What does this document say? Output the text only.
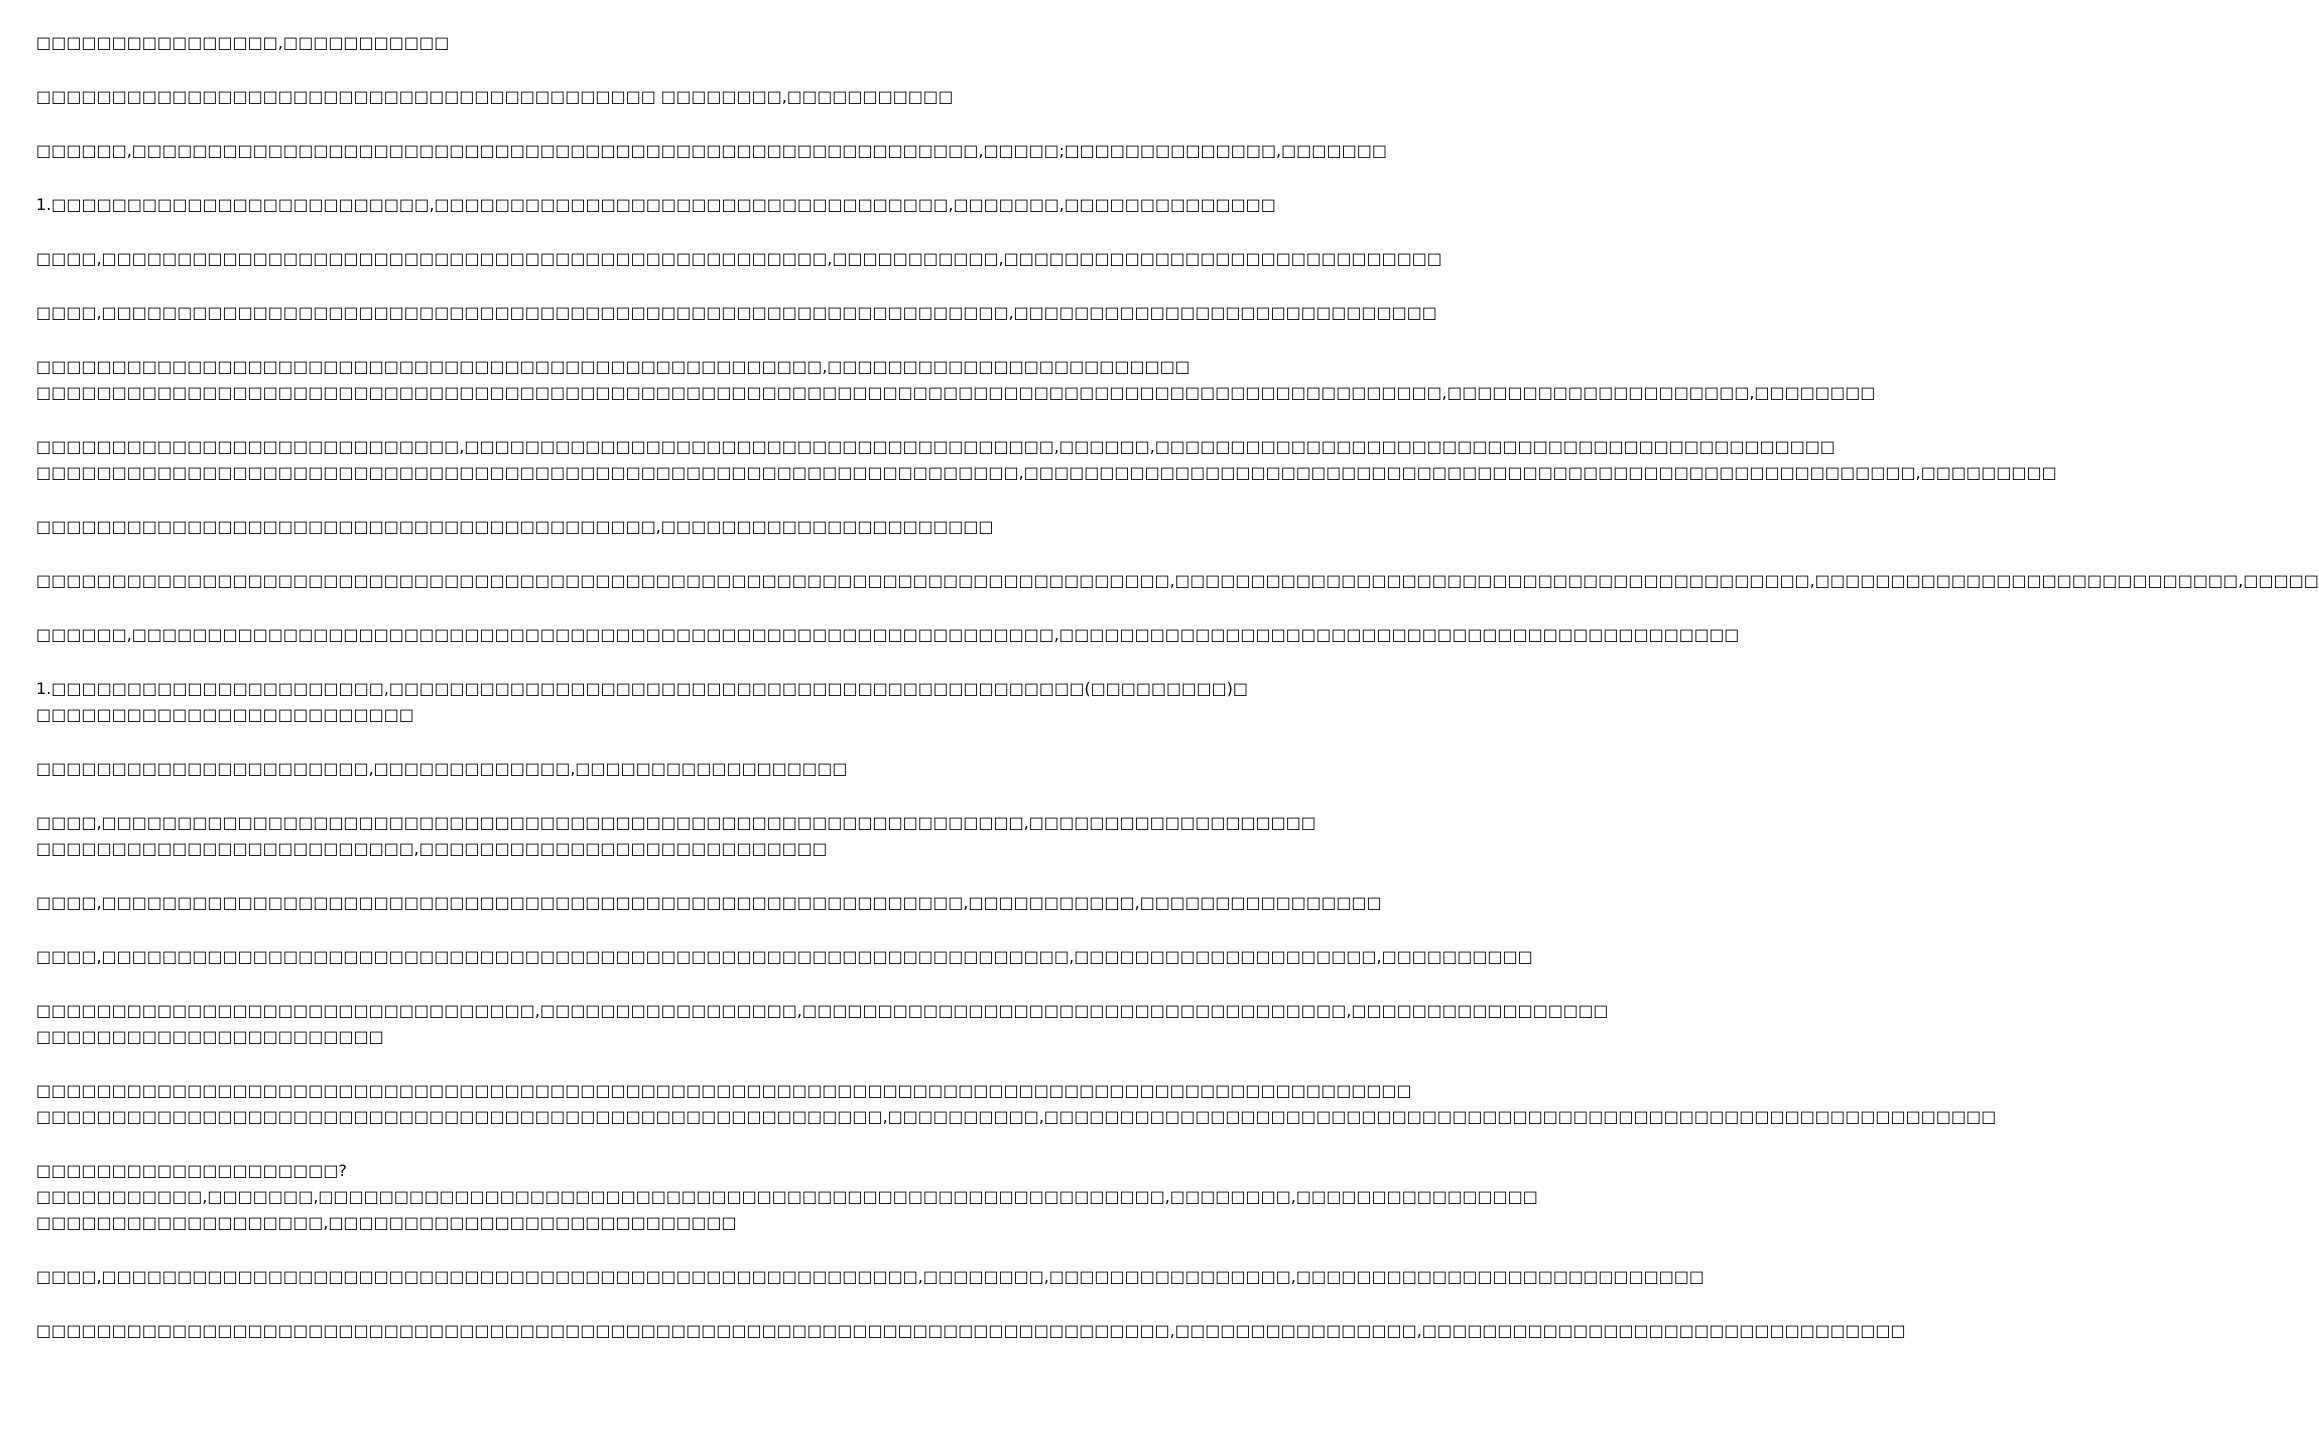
□□□□□□□□□□□□□□□□,□□□□□□□□□□□

□□□□□□□□□□□□□□□□□□□□□□□□□□□□□□□□□□□□□□□□□ □□□□□□□□,□□□□□□□□□□□

□□□□□□,□□□□□□□□□□□□□□□□□□□□□□□□□□□□□□□□□□□□□□□□□□□□□□□□□□□□□□□□,□□□□□;□□□□□□□□□□□□□□,□□□□□□□

1.□□□□□□□□□□□□□□□□□□□□□□□□□,□□□□□□□□□□□□□□□□□□□□□□□□□□□□□□□□□□,□□□□□□□,□□□□□□□□□□□□□□

□□□□,□□□□□□□□□□□□□□□□□□□□□□□□□□□□□□□□□□□□□□□□□□□□□□□□,□□□□□□□□□□□,□□□□□□□□□□□□□□□□□□□□□□□□□□□□□

□□□□,□□□□□□□□□□□□□□□□□□□□□□□□□□□□□□□□□□□□□□□□□□□□□□□□□□□□□□□□□□□□,□□□□□□□□□□□□□□□□□□□□□□□□□□□□

□□□□□□□□□□□□□□□□□□□□□□□□□□□□□□□□□□□□□□□□□□□□□□□□□□□□,□□□□□□□□□□□□□□□□□□□□□□□□
□□□□□□□□□□□□□□□□□□□□□□□□□□□□□□□□□□□□□□□□□□□□□□□□□□□□□□□□□□□□□□□□□□□□□□□□□□□□□□□□□□□□□□□□□□□□□,□□□□□□□□□□□□□□□□□□□□,□□□□□□□□

□□□□□□□□□□□□□□□□□□□□□□□□□□□□,□□□□□□□□□□□□□□□□□□□□□□□□□□□□□□□□□□□□□□□,□□□□□□,□□□□□□□□□□□□□□□□□□□□□□□□□□□□□□□□□□□□□□□□□□□□□
□□□□□□□□□□□□□□□□□□□□□□□□□□□□□□□□□□□□□□□□□□□□□□□□□□□□□□□□□□□□□□□□□,□□□□□□□□□□□□□□□□□□□□□□□□□□□□□□□□□□□□□□□□□□□□□□□□□□□□□□□□□□□,□□□□□□□□□

□□□□□□□□□□□□□□□□□□□□□□□□□□□□□□□□□□□□□□□□□,□□□□□□□□□□□□□□□□□□□□□□

□□□□□□□□□□□□□□□□□□□□□□□□□□□□□□□□□□□□□□□□□□□□□□□□□□□□□□□□□□□□□□□□□□□□□□□□□□□,□□□□□□□□□□□□□□□□□□□□□□□□□□□□□□□□□□□□□□□□□□,□□□□□□□□□□□□□□□□□□□□□□□□□□□□,□□□□□

□□□□□□,□□□□□□□□□□□□□□□□□□□□□□□□□□□□□□□□□□□□□□□□□□□□□□□□□□□□□□□□□□□□□,□□□□□□□□□□□□□□□□□□□□□□□□□□□□□□□□□□□□□□□□□□□□□

1.□□□□□□□□□□□□□□□□□□□□□□,□□□□□□□□□□□□□□□□□□□□□□□□□□□□□□□□□□□□□□□□□□□□□□(□□□□□□□□□)□
□□□□□□□□□□□□□□□□□□□□□□□□□

□□□□□□□□□□□□□□□□□□□□□□,□□□□□□□□□□□□□,□□□□□□□□□□□□□□□□□□

□□□□,□□□□□□□□□□□□□□□□□□□□□□□□□□□□□□□□□□□□□□□□□□□□□□□□□□□□□□□□□□□□□,□□□□□□□□□□□□□□□□□□□
□□□□□□□□□□□□□□□□□□□□□□□□□,□□□□□□□□□□□□□□□□□□□□□□□□□□□

□□□□,□□□□□□□□□□□□□□□□□□□□□□□□□□□□□□□□□□□□□□□□□□□□□□□□□□□□□□□□□,□□□□□□□□□□□,□□□□□□□□□□□□□□□□

□□□□,□□□□□□□□□□□□□□□□□□□□□□□□□□□□□□□□□□□□□□□□□□□□□□□□□□□□□□□□□□□□□□□□,□□□□□□□□□□□□□□□□□□□□,□□□□□□□□□□

□□□□□□□□□□□□□□□□□□□□□□□□□□□□□□□□□,□□□□□□□□□□□□□□□□□,□□□□□□□□□□□□□□□□□□□□□□□□□□□□□□□□□□□□,□□□□□□□□□□□□□□□□□
□□□□□□□□□□□□□□□□□□□□□□□

□□□□□□□□□□□□□□□□□□□□□□□□□□□□□□□□□□□□□□□□□□□□□□□□□□□□□□□□□□□□□□□□□□□□□□□□□□□□□□□□□□□□□□□□□□□
□□□□□□□□□□□□□□□□□□□□□□□□□□□□□□□□□□□□□□□□□□□□□□□□□□□□□□□□,□□□□□□□□□□,□□□□□□□□□□□□□□□□□□□□□□□□□□□□□□□□□□□□□□□□□□□□□□□□□□□□□□□□□□□□□□□

□□□□□□□□□□□□□□□□□□□□?
□□□□□□□□□□□,□□□□□□□,□□□□□□□□□□□□□□□□□□□□□□□□□□□□□□□□□□□□□□□□□□□□□□□□□□□□□□□□,□□□□□□□□,□□□□□□□□□□□□□□□□
□□□□□□□□□□□□□□□□□□□,□□□□□□□□□□□□□□□□□□□□□□□□□□□

□□□□,□□□□□□□□□□□□□□□□□□□□□□□□□□□□□□□□□□□□□□□□□□□□□□□□□□□□□□,□□□□□□□□,□□□□□□□□□□□□□□□□,□□□□□□□□□□□□□□□□□□□□□□□□□□□

□□□□□□□□□□□□□□□□□□□□□□□□□□□□□□□□□□□□□□□□□□□□□□□□□□□□□□□□□□□□□□□□□□□□□□□□□□□,□□□□□□□□□□□□□□□□,□□□□□□□□□□□□□□□□□□□□□□□□□□□□□□□□
